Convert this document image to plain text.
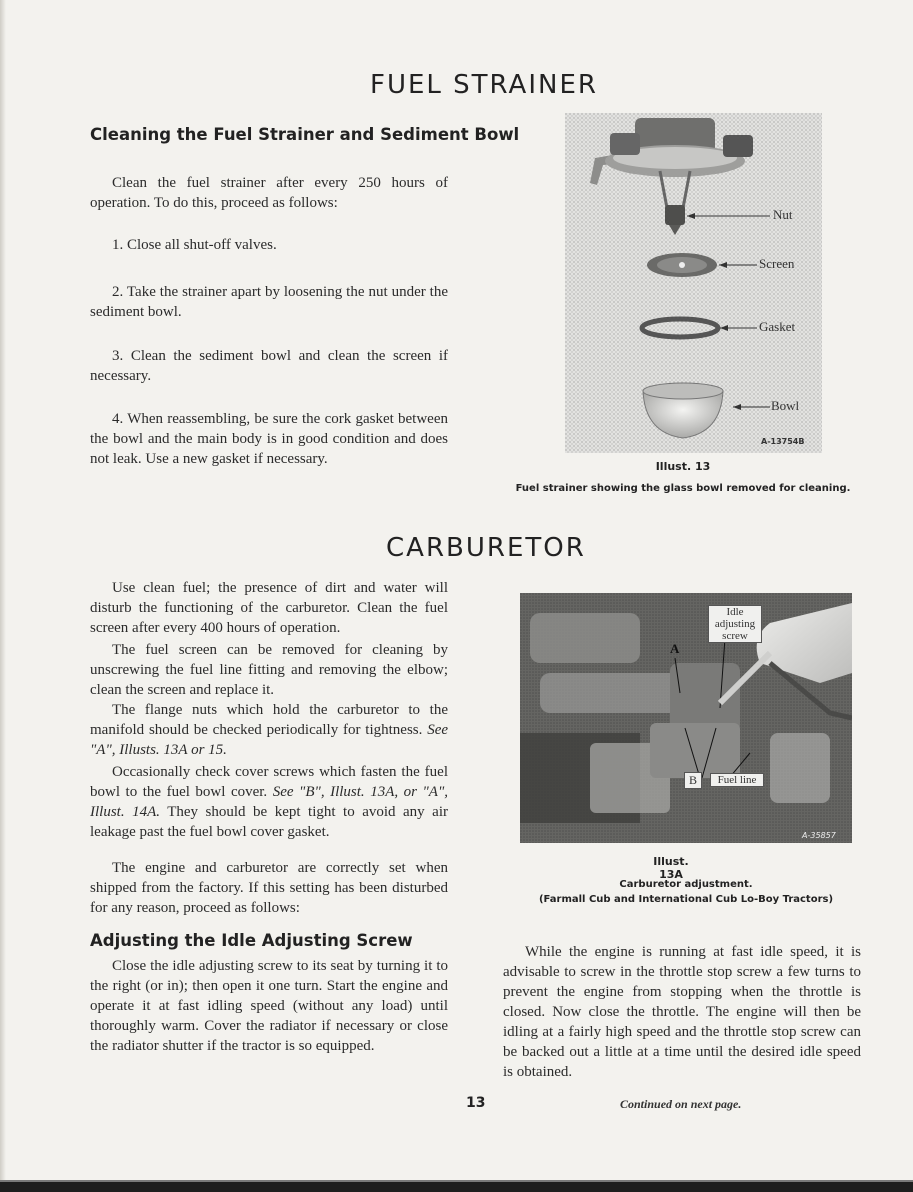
FUEL STRAINER
Cleaning the Fuel Strainer and Sediment Bowl

Clean the fuel strainer after every 250 hours of operation. To do this, proceed as follows:

1. Close all shut-off valves.

2. Take the strainer apart by loosening the nut under the sediment bowl.

3. Clean the sediment bowl and clean the screen if necessary.

4. When reassembling, be sure the cork gasket between the bowl and the main body is in good condition and does not leak. Use a new gasket if necessary.

Nut
Screen
Gasket
Bowl
A-13754B
Illust. 13
Fuel strainer showing the glass bowl removed for cleaning.
CARBURETOR

Use clean fuel; the presence of dirt and water will disturb the functioning of the carburetor. Clean the fuel screen after every 400 hours of operation.

The fuel screen can be removed for cleaning by unscrewing the fuel line fitting and removing the elbow; clean the screen and replace it.

The flange nuts which hold the carburetor to the manifold should be checked periodically for tightness. See "A", Illusts. 13A or 15.

Occasionally check cover screws which fasten the fuel bowl to the fuel bowl cover. See "B", Illust. 13A, or "A", Illust. 14A. They should be kept tight to avoid any air leakage past the fuel bowl cover gasket.

The engine and carburetor are correctly set when shipped from the factory. If this setting has been disturbed for any reason, proceed as follows:

Adjusting the Idle Adjusting Screw

Close the idle adjusting screw to its seat by turning it to the right (or in); then open it one turn. Start the engine and operate it at fast idling speed (without any load) until thoroughly warm. Cover the radiator if necessary or close the radiator shutter if the tractor is so equipped.

Idle adjusting screw
A
B	Fuel line
A-35857
Illust. 13A
Carburetor adjustment.
(Farmall Cub and International Cub Lo-Boy Tractors)

While the engine is running at fast idle speed, it is advisable to screw in the throttle stop screw a few turns to prevent the engine from stopping when the throttle is closed. Now close the throttle. The engine will then be idling at a fairly high speed and the throttle stop screw can be backed out a little at a time until the desired idle speed is obtained.

13	Continued on next page.
